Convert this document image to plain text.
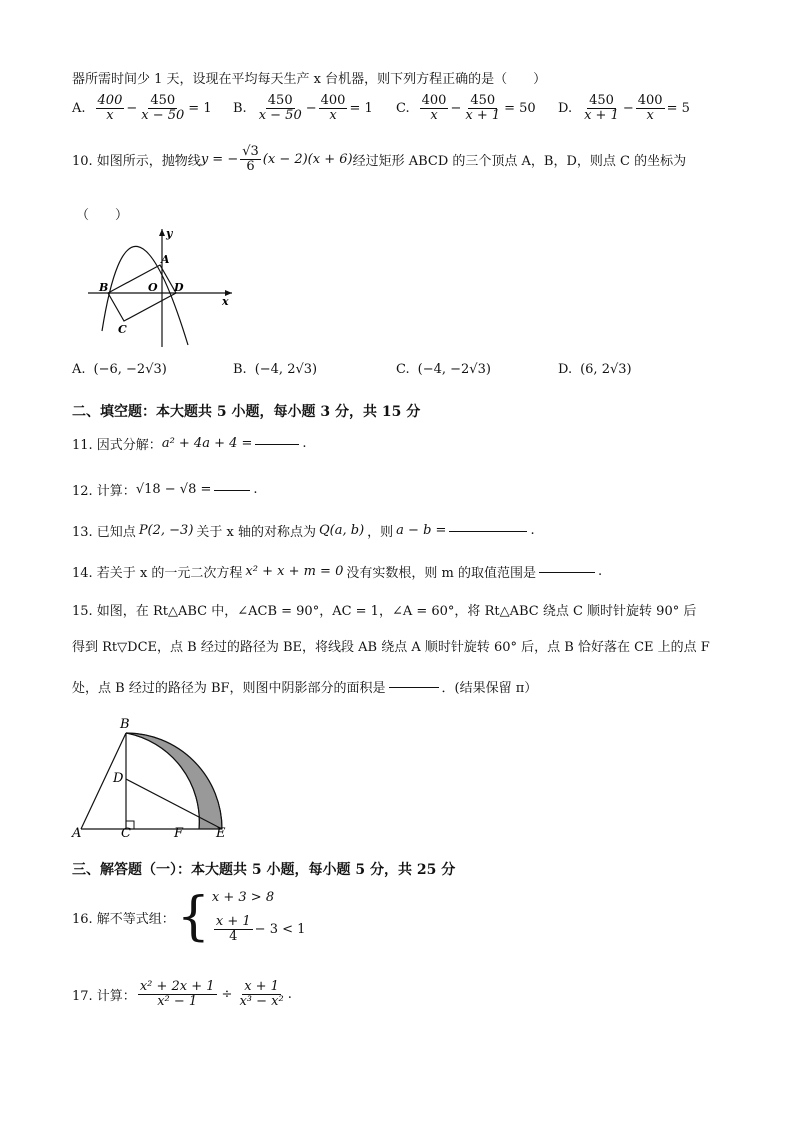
器所需时间少 1 天，设现在平均每天生产 x 台机器，则下列方程正确的是（　　）
A. $\frac{400}{x} - \frac{450}{x - 50} = 1$ B. $\frac{450}{x - 50} - \frac{400}{x} = 1$ C. $\frac{400}{x} - \frac{450}{x + 1} = 50$ D. $\frac{450}{x + 1} - \frac{400}{x} = 5$
10. 如图所示，抛物线 y = − $\frac{√3}{6} (x - 2)(x + 6)$ 经过矩形 ABCD 的三个顶点 A，B，D，则点 C 的坐标为
（　　）
y
x
A
B	O D
C
A. (−6, −2√3)	B. (−4, 2√3)	C. (−4, −2√3)	D. (6, 2√3)
二、填空题：本大题共 5 小题，每小题 3 分，共 15 分
11. 因式分解： a² + 4a + 4 =	.
12. 计算： √18 − √8 =	.
13. 已知点 P(2, −3) 关于 x 轴的对称点为 Q(a, b) ，则 a − b =	.
14. 若关于 x 的一元二次方程 x² + x + m = 0 没有实数根，则 m 的取值范围是	.
15. 如图，在 Rt△ABC 中，∠ACB = 90°，AC = 1，∠A = 60°，将 Rt△ABC 绕点 C 顺时针旋转 90° 后
得到 Rt▽DCE，点 B 经过的路径为 BE，将线段 AB 绕点 A 顺时针旋转 60° 后，点 B 恰好落在 CE 上的点 F
处，点 B 经过的路径为 BF，则图中阴影部分的面积是	．(结果保留 π）
B
D
A	C	F	E
三、解答题（一）：本大题共 5 小题，每小题 5 分，共 25 分
16. 解不等式组： { x + 3 > 8
$\frac{x + 1}{4} - 3 < 1$
17. 计算： $\frac{\text{x² + 2x + 1}}{\text{x² − 1}} \div \frac{x + 1}{\text{x³ − x²}}$ .
